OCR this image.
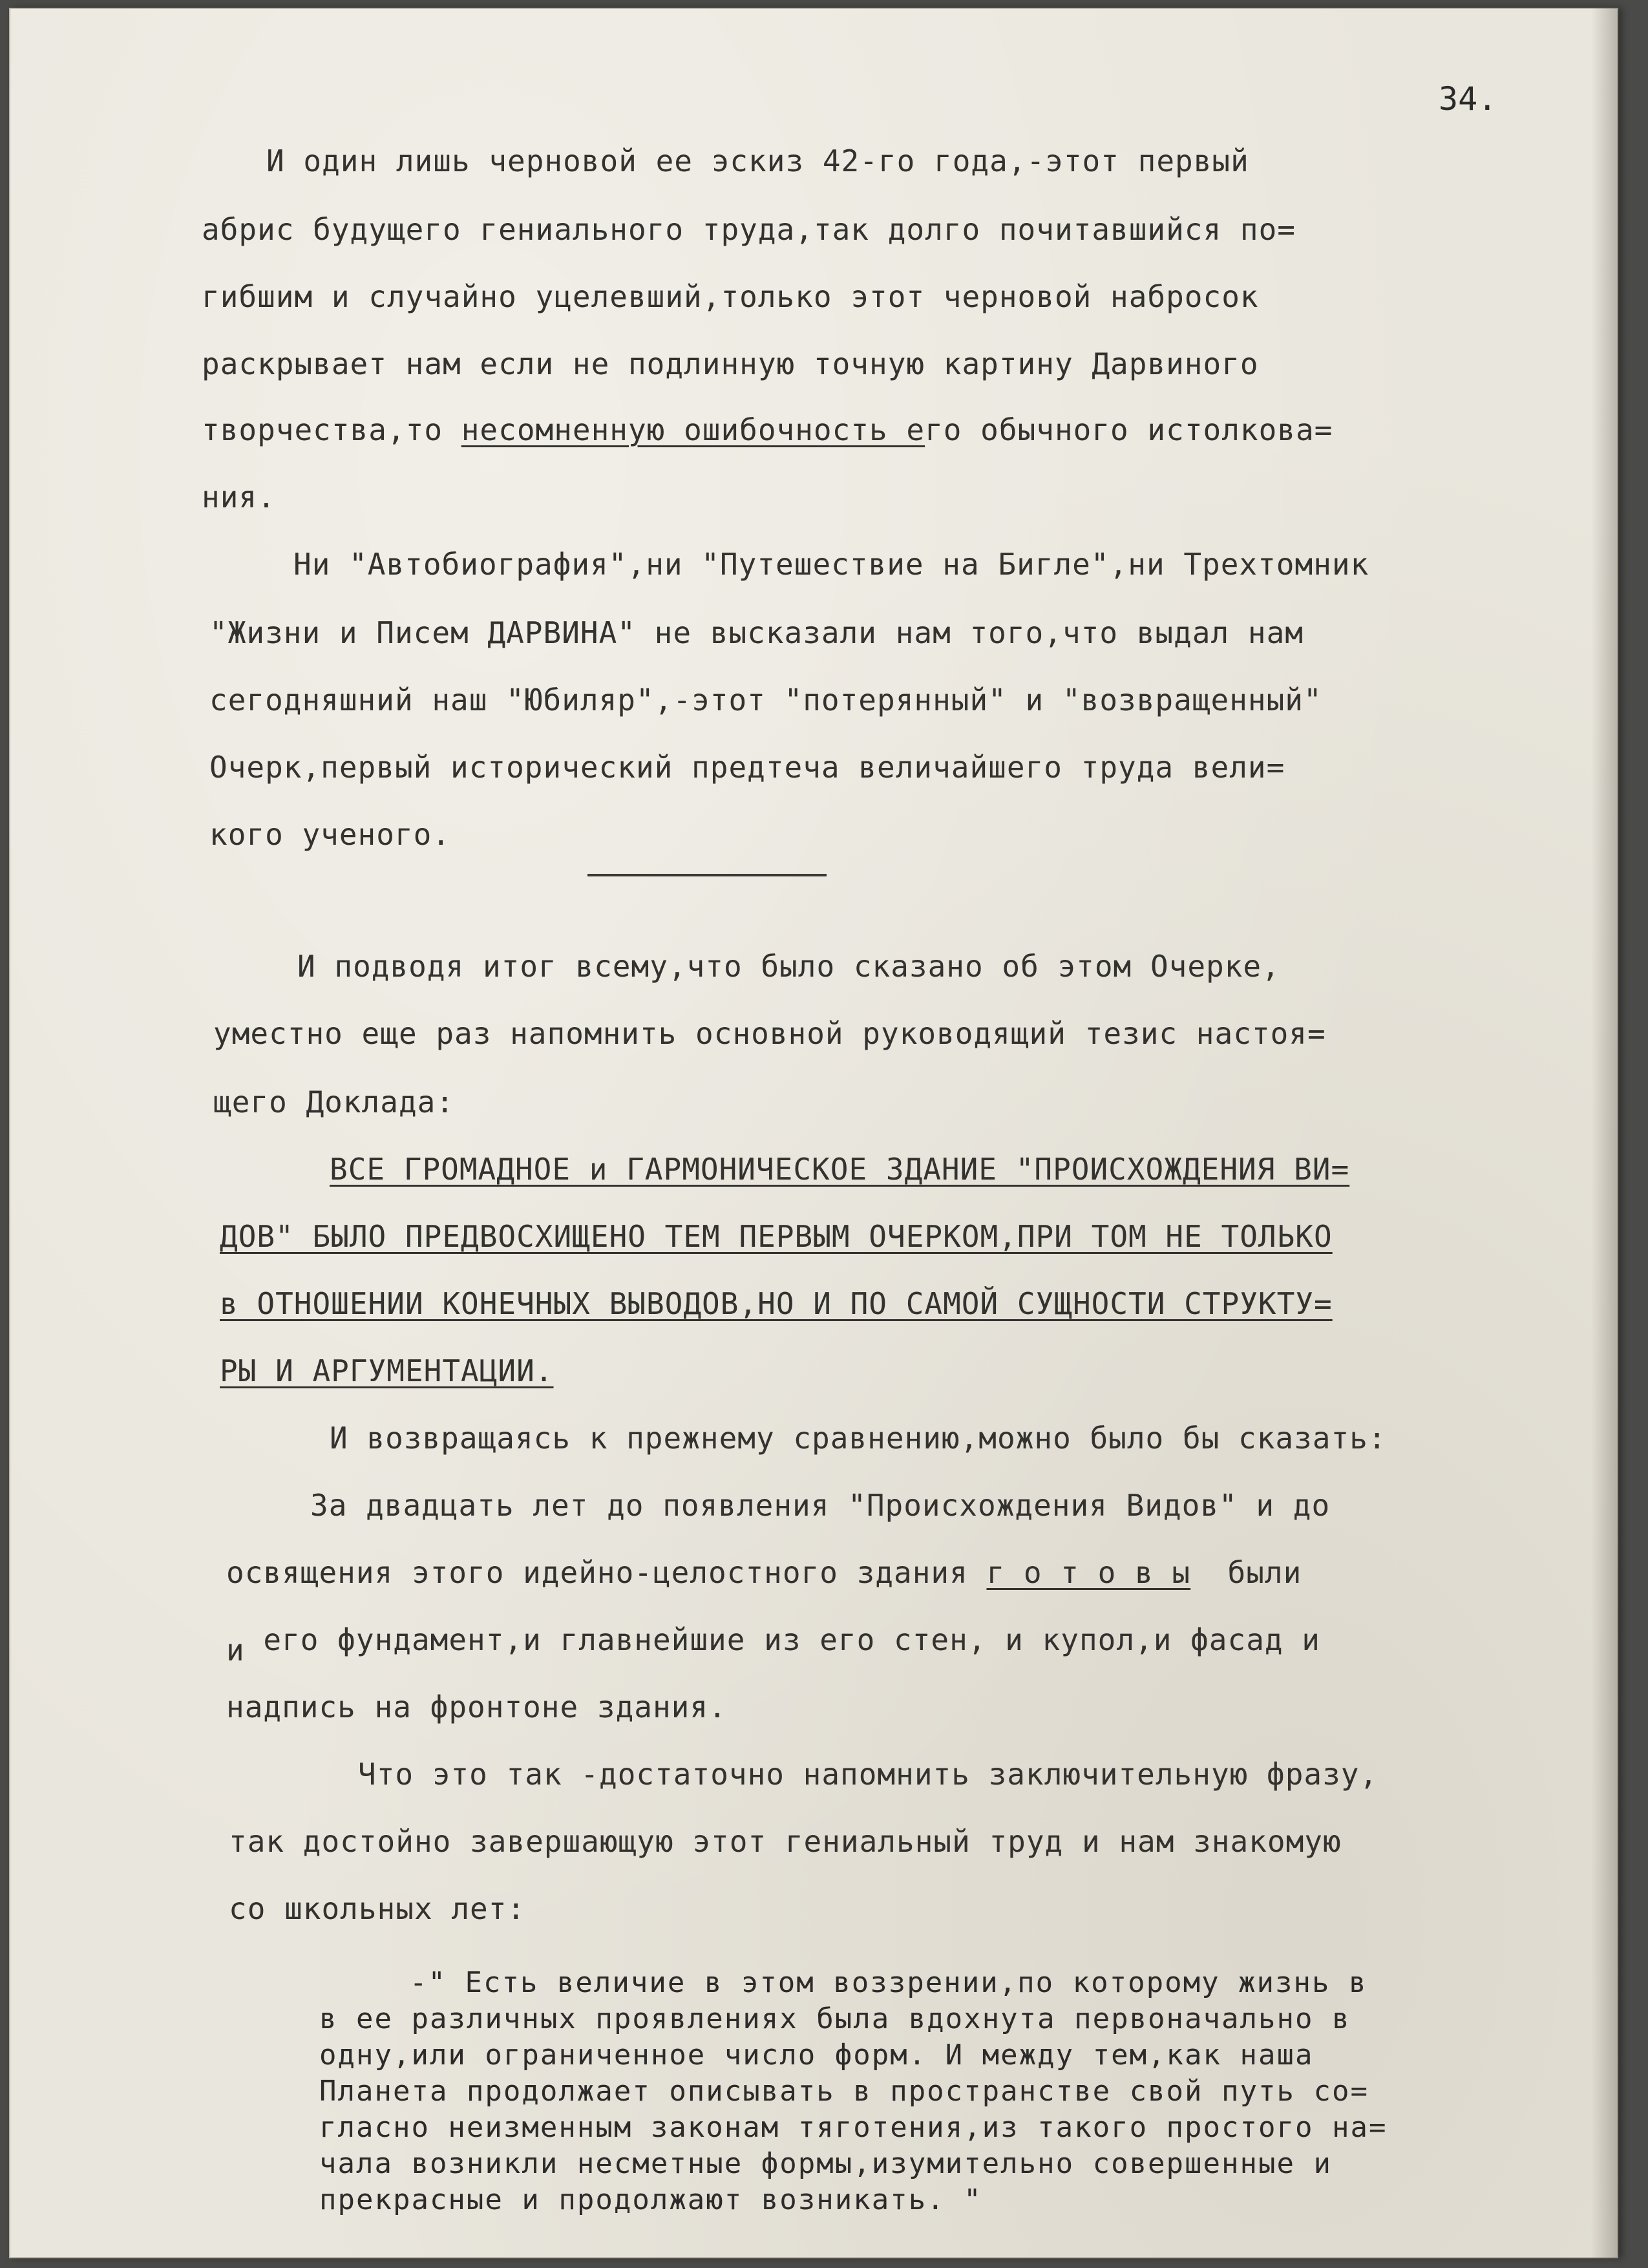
34.
И один лишь черновой ее эскиз 42-го года,-этот первый
абрис будущего гениального труда,так долго почитавшийся по=
гибшим и случайно уцелевший,только этот черновой набросок
раскрывает нам если не подлинную точную картину Дарвиного
творчества,то несомненную ошибочность его обычного истолкова=
ния.
Ни "Автобиография",ни "Путешествие на Бигле",ни Трехтомник
"Жизни и Писем ДАРВИНА" не высказали нам того,что выдал нам
сегодняшний наш "Юбиляр",-этот "потерянный" и "возвращенный"
Очерк,первый исторический предтеча величайшего труда вели=
кого ученого.
И подводя итог всему,что было сказано об этом Очерке,
уместно еще раз напомнить основной руководящий тезис настоя=
щего Доклада:
ВСЕ ГРОМАДНОЕ и ГАРМОНИЧЕСКОЕ ЗДАНИЕ "ПРОИСХОЖДЕНИЯ ВИ=
ДОВ" БЫЛО ПРЕДВОСХИЩЕНО ТЕМ ПЕРВЫМ ОЧЕРКОМ,ПРИ ТОМ НЕ ТОЛЬКО
в ОТНОШЕНИИ КОНЕЧНЫХ ВЫВОДОВ,НО И ПО САМОЙ СУЩНОСТИ СТРУКТУ=
РЫ И АРГУМЕНТАЦИИ.
И возвращаясь к прежнему сравнению,можно было бы сказать:
За двадцать лет до появления "Происхождения Видов" и до
освящения этого идейно-целостного здания г о т о в ы  были
и его фундамент,и главнейшие из его стен, и купол,и фасад и
надпись на фронтоне здания.
Что это так -достаточно напомнить заключительную фразу,
так достойно завершающую этот гениальный труд и нам знакомую
со школьных лет:
-" Есть величие в этом воззрении,по которому жизнь в
в ее различных проявлениях была вдохнута первоначально в
одну,или ограниченное число форм. И между тем,как наша
Планета продолжает описывать в пространстве свой путь со=
гласно неизменным законам тяготения,из такого простого на=
чала возникли несметные формы,изумительно совершенные и
прекрасные и продолжают возникать. "
